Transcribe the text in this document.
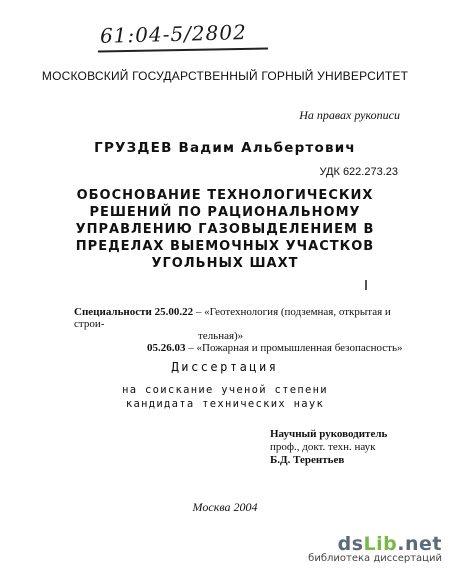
61:04-5/2802
МОСКОВСКИЙ ГОСУДАРСТВЕННЫЙ ГОРНЫЙ УНИВЕРСИТЕТ
На правах рукописи
ГРУЗДЕВ Вадим Альбертович
УДК 622.273.23
ОБОСНОВАНИЕ ТЕХНОЛОГИЧЕСКИХ
РЕШЕНИЙ ПО РАЦИОНАЛЬНОМУ
УПРАВЛЕНИЮ ГАЗОВЫДЕЛЕНИЕМ В
ПРЕДЕЛАХ ВЫЕМОЧНЫХ УЧАСТКОВ
УГОЛЬНЫХ ШАХТ
Специальности 25.00.22 – «Геотехнология (подземная, открытая и строи-
тельная)»
05.26.03 – «Пожарная и промышленная безопасность»
Диссертация
на соискание ученой степени
кандидата технических наук
Научный руководитель
проф., докт. техн. наук
Б.Д. Терентьев
Москва 2004
dsLib.net
библиотека диссертаций
